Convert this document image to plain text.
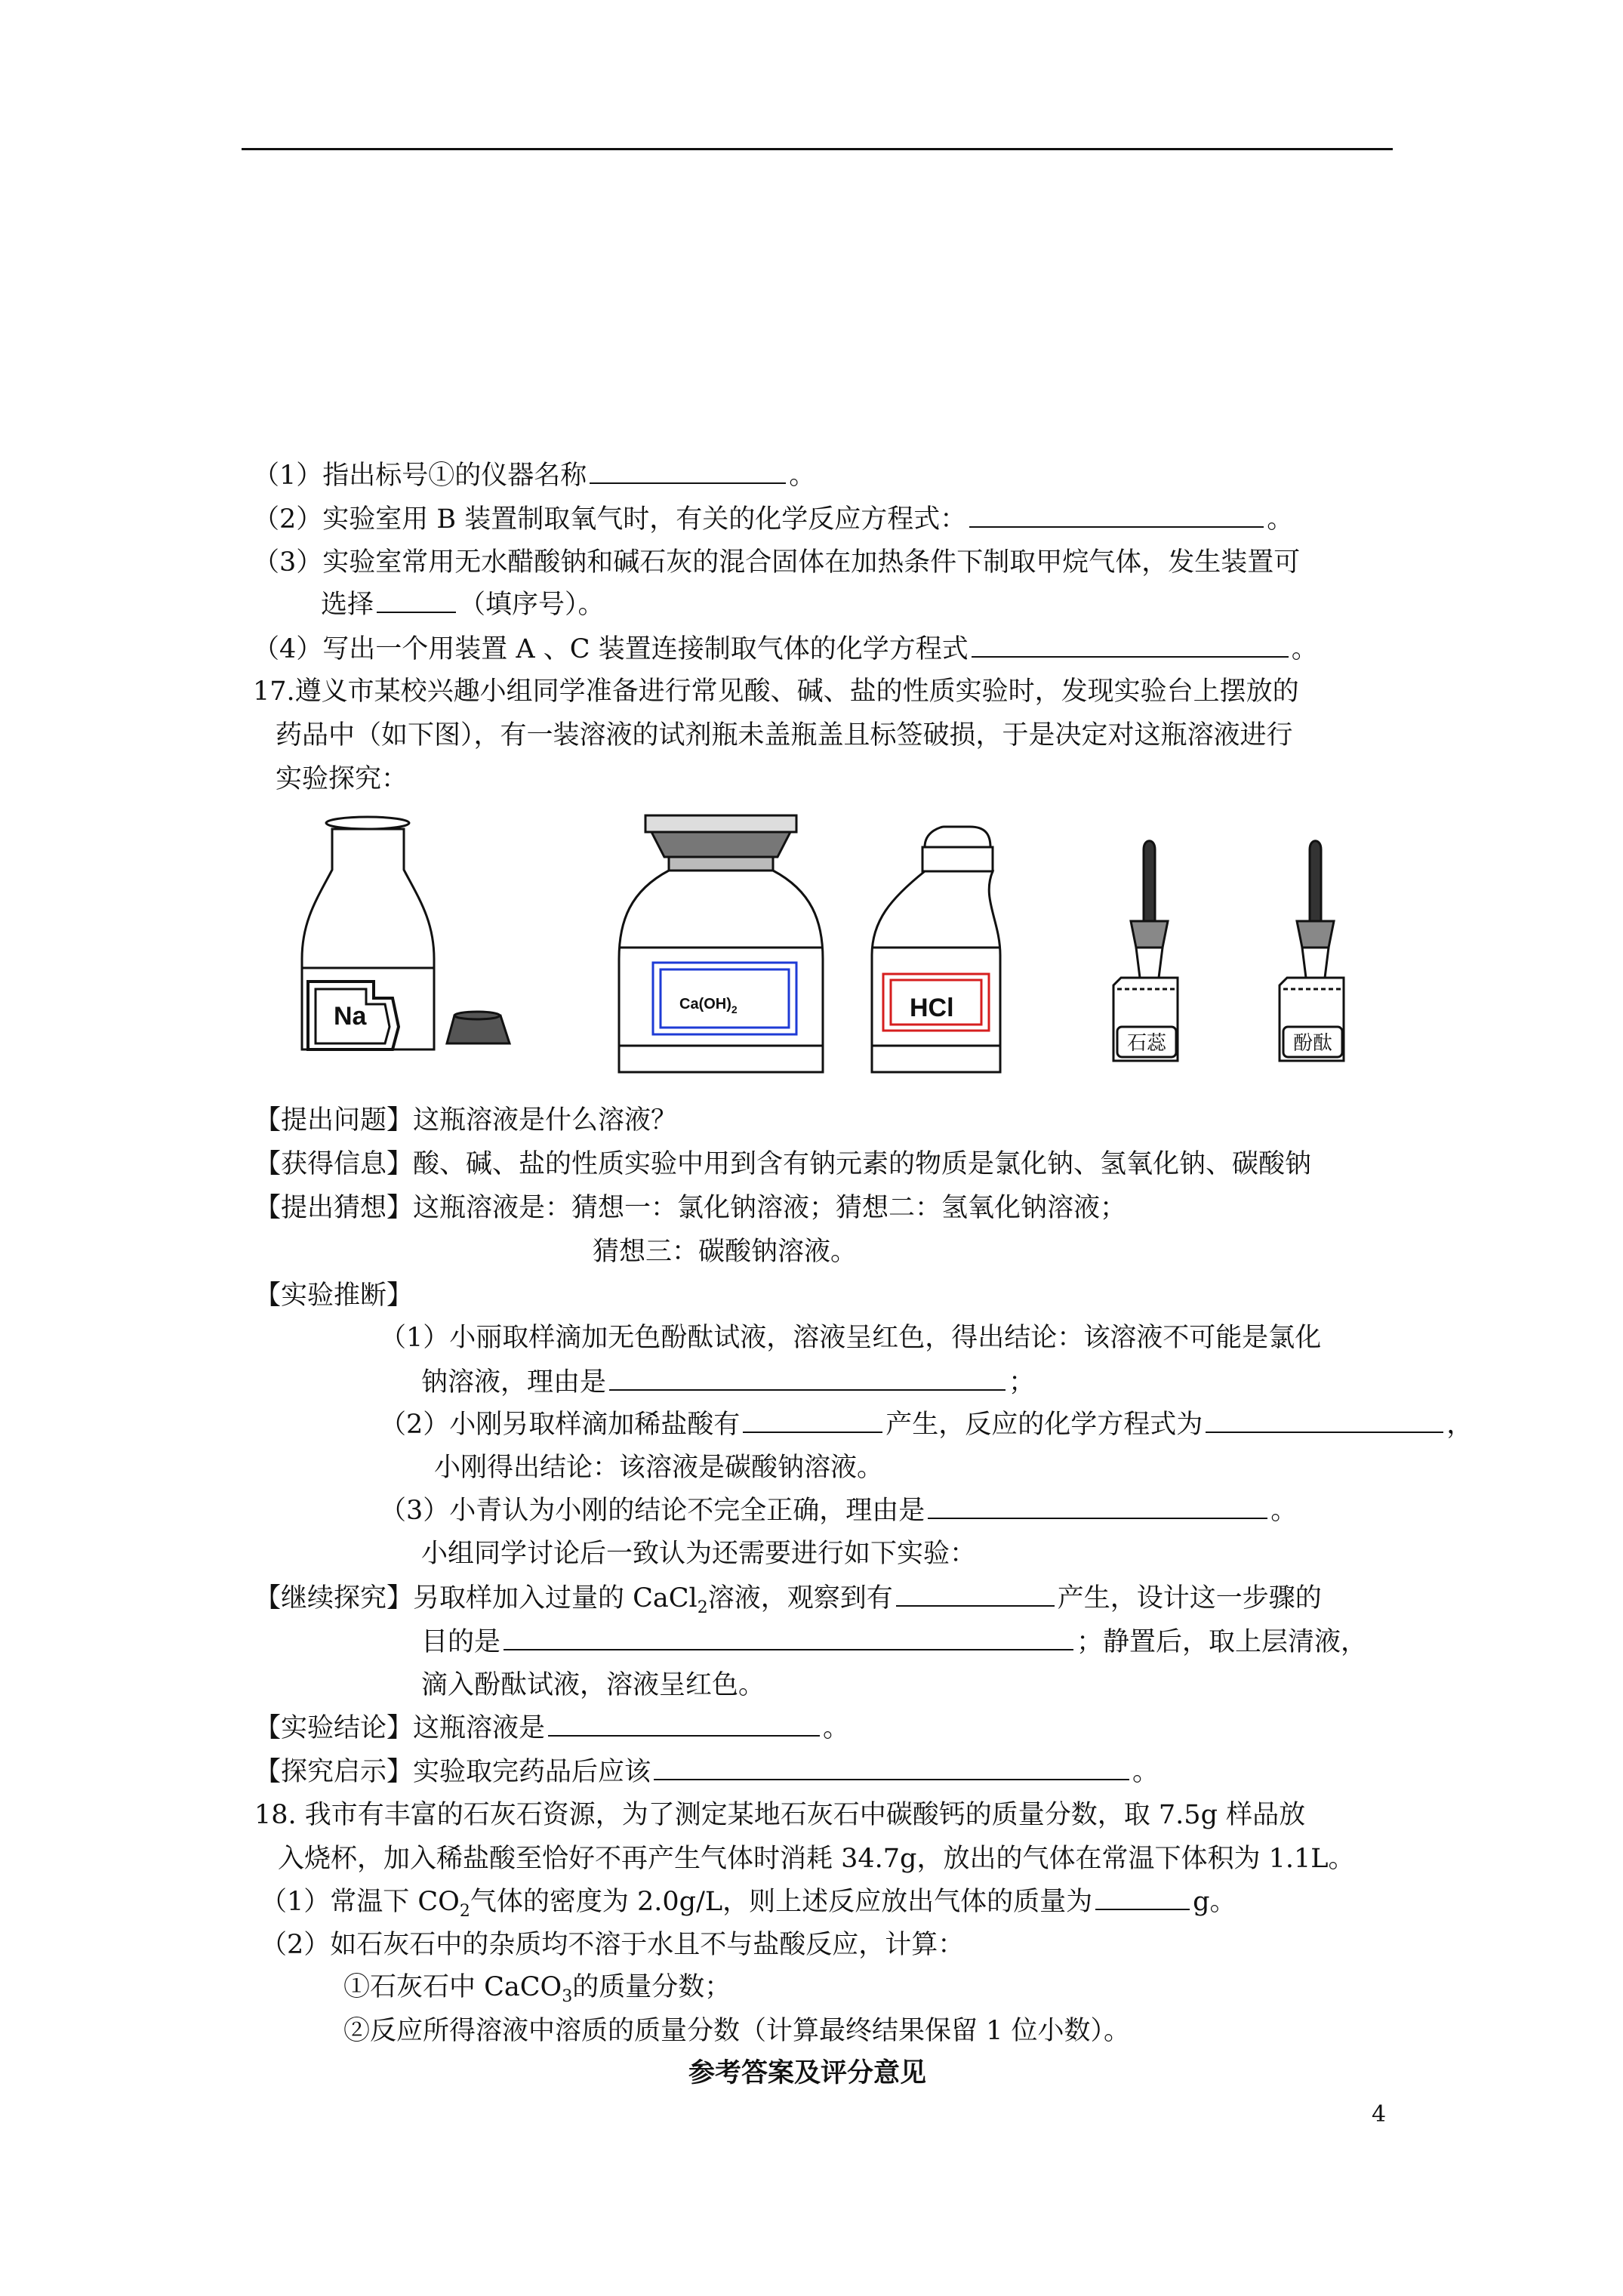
（1）指出标号①的仪器名称	。
（2）实验室用 B 装置制取氧气时，有关的化学反应方程式：	。
（3）实验室常用无水醋酸钠和碱石灰的混合固体在加热条件下制取甲烷气体，发生装置可
选择	（填序号）。
（4）写出一个用装置 A 、C 装置连接制取气体的化学方程式	。
17.遵义市某校兴趣小组同学准备进行常见酸、碱、盐的性质实验时，发现实验台上摆放的
药品中（如下图），有一装溶液的试剂瓶未盖瓶盖且标签破损，于是决定对这瓶溶液进行
实验探究：
Na	$Ca(OH)_2$	HCl
石蕊	酚酞
【提出问题】这瓶溶液是什么溶液？
【获得信息】酸、碱、盐的性质实验中用到含有钠元素的物质是氯化钠、氢氧化钠、碳酸钠
【提出猜想】这瓶溶液是：猜想一：氯化钠溶液；猜想二：氢氧化钠溶液；
猜想三：碳酸钠溶液。
【实验推断】
（1）小丽取样滴加无色酚酞试液，溶液呈红色，得出结论：该溶液不可能是氯化
钠溶液，理由是	；
（2）小刚另取样滴加稀盐酸有	产生，反应的化学方程式为	，
小刚得出结论：该溶液是碳酸钠溶液。
（3）小青认为小刚的结论不完全正确，理由是	。
小组同学讨论后一致认为还需要进行如下实验：
【继续探究】另取样加入过量的 CaCl$_2$溶液，观察到有	产生，设计这一步骤的
目的是	；静置后，取上层清液，
滴入酚酞试液，溶液呈红色。
【实验结论】这瓶溶液是	。
【探究启示】实验取完药品后应该	。
18. 我市有丰富的石灰石资源，为了测定某地石灰石中碳酸钙的质量分数，取 7.5g 样品放
入烧杯，加入稀盐酸至恰好不再产生气体时消耗 34.7g，放出的气体在常温下体积为 1.1L。
（1）常温下 $CO_2$气体的密度为 2.0g/L，则上述反应放出气体的质量为	g。
（2）如石灰石中的杂质均不溶于水且不与盐酸反应，计算：
①石灰石中 CaCO$_3$的质量分数；
②反应所得溶液中溶质的质量分数（计算最终结果保留 1 位小数）。
参考答案及评分意见
4
